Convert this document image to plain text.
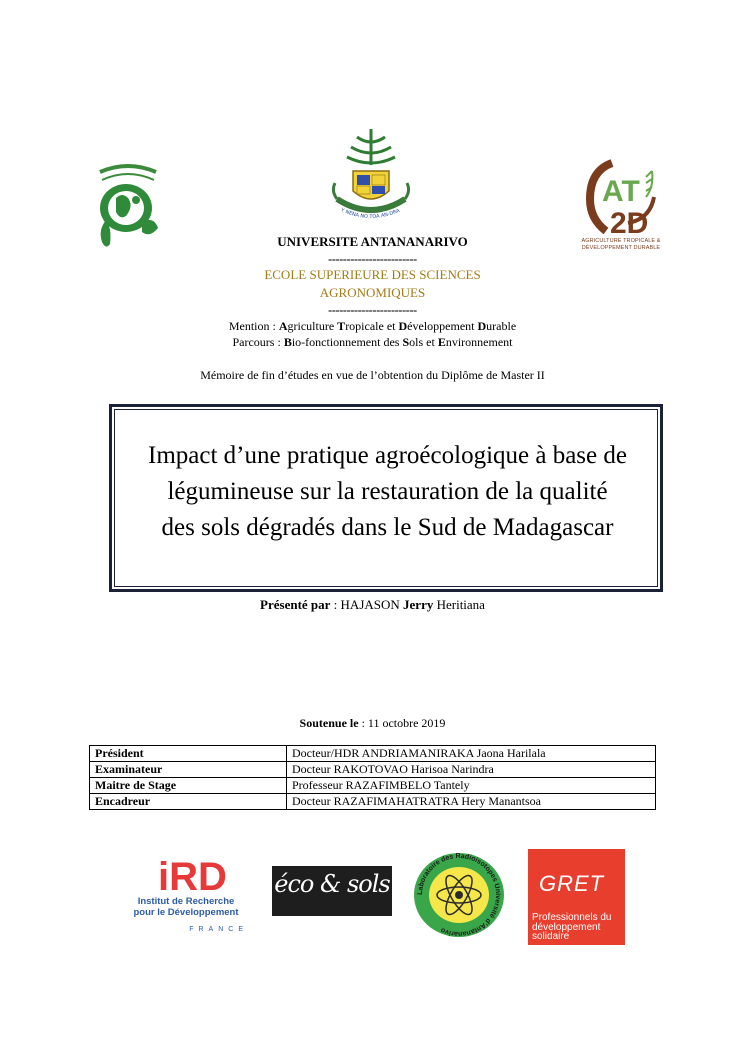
Y NENA NO TOA AN-DRA
AT
2D
AGRICULTURE TROPICALE &
DÉVELOPPEMENT DURABLE
UNIVERSITE ANTANANARIVO
------------------------
ECOLE SUPERIEURE DES SCIENCES
AGRONOMIQUES
------------------------
Mention : Agriculture Tropicale et Développement Durable
Parcours : Bio-fonctionnement des Sols et Environnement
Mémoire de fin d’études en vue de l’obtention du Diplôme de Master II
Impact d’une pratique agroécologique à base de
légumineuse sur la restauration de la qualité
des sols dégradés dans le Sud de Madagascar
Présenté par : HAJASON Jerry Heritiana
Soutenue le : 11 octobre 2019
Président	Docteur/HDR ANDRIAMANIRAKA Jaona Harilala
Examinateur	Docteur RAKOTOVAO Harisoa Narindra
Maitre de Stage	Professeur RAZAFIMBELO Tantely
Encadreur	Docteur RAZAFIMAHATRATRA Hery Manantsoa
iRD
Institut de Recherche
pour le Développement
FRANCE
éco & sols	Laboratoire des Radioisotopes Université d’Antananarivo
GRET
Professionnels du
développement
solidaire
